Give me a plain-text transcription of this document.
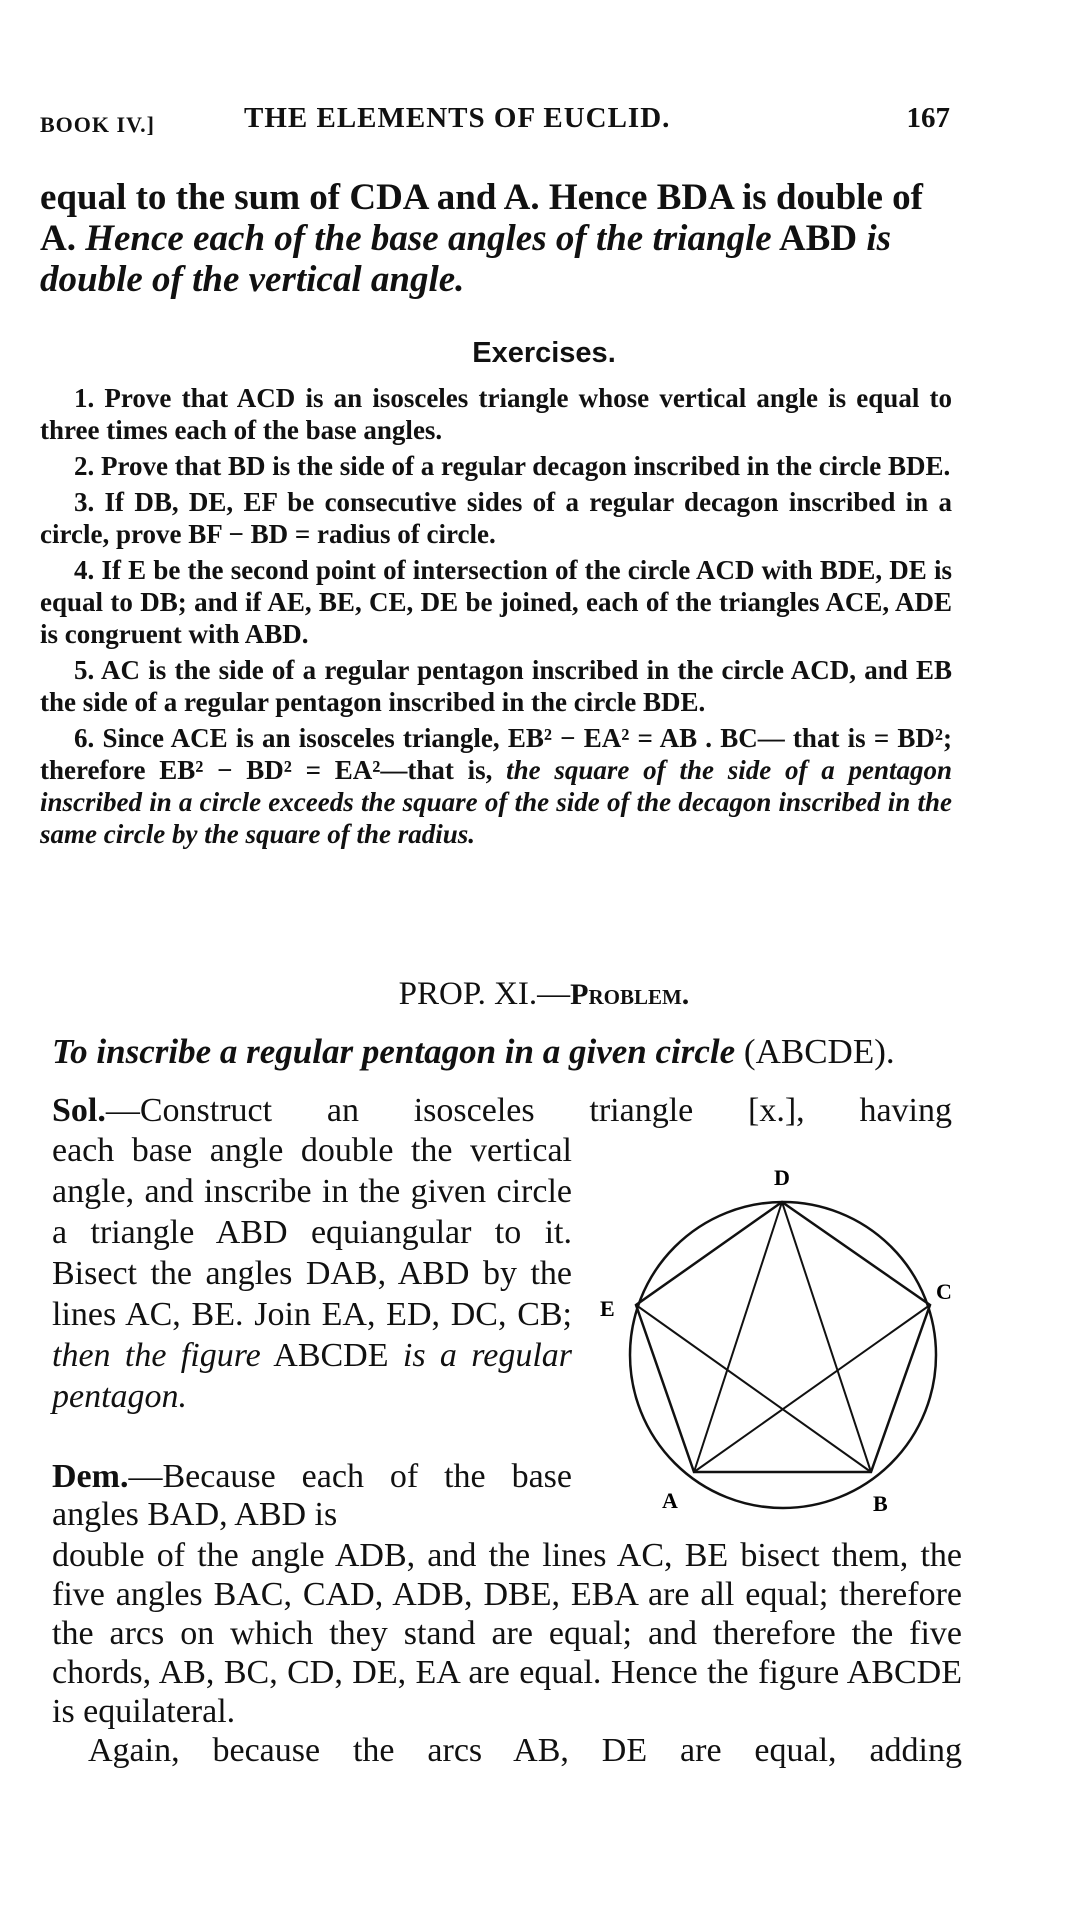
BOOK IV.]	THE ELEMENTS OF EUCLID.	167
equal to the sum of CDA and A. Hence BDA is double of A. Hence each of the base angles of the triangle ABD is double of the vertical angle.
Exercises.
1. Prove that ACD is an isosceles triangle whose vertical angle is equal to three times each of the base angles.
2. Prove that BD is the side of a regular decagon inscribed in the circle BDE.
3. If DB, DE, EF be consecutive sides of a regular decagon inscribed in a circle, prove BF − BD = radius of circle.
4. If E be the second point of intersection of the circle ACD with BDE, DE is equal to DB; and if AE, BE, CE, DE be joined, each of the triangles ACE, ADE is congruent with ABD.
5. AC is the side of a regular pentagon inscribed in the circle ACD, and EB the side of a regular pentagon inscribed in the circle BDE.
6. Since ACE is an isosceles triangle, EB² − EA² = AB . BC— that is = BD²; therefore EB² − BD² = EA²—that is, the square of the side of a pentagon inscribed in a circle exceeds the square of the side of the decagon inscribed in the same circle by the square of the radius.
PROP. XI.—Problem.
To inscribe a regular pentagon in a given circle (ABCDE).
Sol.—Construct an isosceles triangle [x.], having
each base angle double the vertical angle, and inscribe in the given circle a triangle ABD equiangular to it. Bisect the angles DAB, ABD by the lines AC, BE. Join EA, ED, DC, CB; then the figure ABCDE is a regular pentagon.
D
C
E
A	B
Dem.—Because each of the base angles BAD, ABD is
double of the angle ADB, and the lines AC, BE bisect them, the five angles BAC, CAD, ADB, DBE, EBA are all equal; therefore the arcs on which they stand are equal; and therefore the five chords, AB, BC, CD, DE, EA are equal. Hence the figure ABCDE is equilateral.
Again, because the arcs AB, DE are equal, adding
